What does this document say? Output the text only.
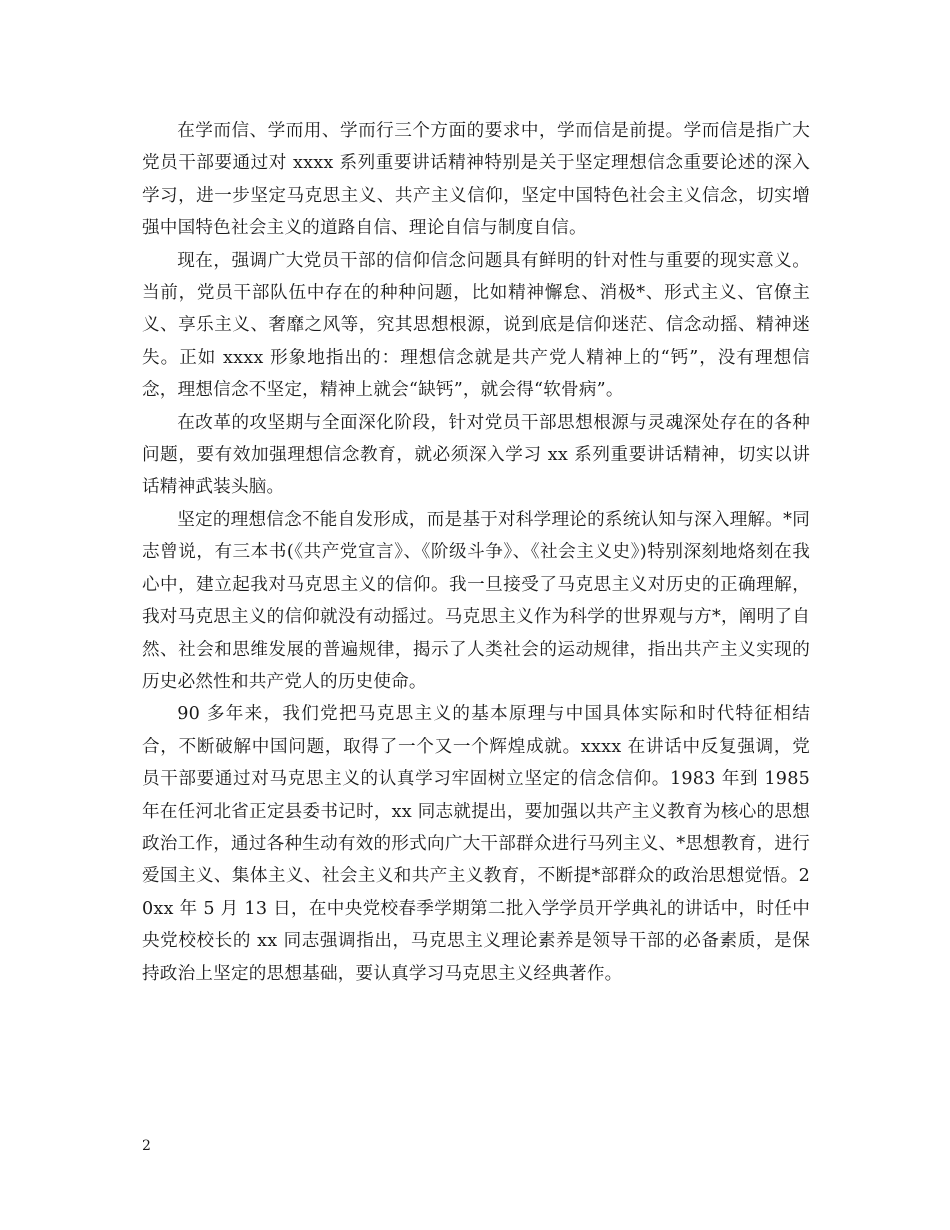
在学而信、学而用、学而行三个方面的要求中，学而信是前提。学而信是指广大党员干部要通过对 xxxx 系列重要讲话精神特别是关于坚定理想信念重要论述的深入学习，进一步坚定马克思主义、共产主义信仰，坚定中国特色社会主义信念，切实增强中国特色社会主义的道路自信、理论自信与制度自信。

现在，强调广大党员干部的信仰信念问题具有鲜明的针对性与重要的现实意义。当前，党员干部队伍中存在的种种问题，比如精神懈怠、消极*、形式主义、官僚主义、享乐主义、奢靡之风等，究其思想根源，说到底是信仰迷茫、信念动摇、精神迷失。正如 xxxx 形象地指出的：理想信念就是共产党人精神上的“钙”，没有理想信念，理想信念不坚定，精神上就会“缺钙”，就会得“软骨病”。

在改革的攻坚期与全面深化阶段，针对党员干部思想根源与灵魂深处存在的各种问题，要有效加强理想信念教育，就必须深入学习 xx 系列重要讲话精神，切实以讲话精神武装头脑。

坚定的理想信念不能自发形成，而是基于对科学理论的系统认知与深入理解。*同志曾说，有三本书(《共产党宣言》、《阶级斗争》、《社会主义史》)特别深刻地烙刻在我心中，建立起我对马克思主义的信仰。我一旦接受了马克思主义对历史的正确理解，我对马克思主义的信仰就没有动摇过。马克思主义作为科学的世界观与方*，阐明了自然、社会和思维发展的普遍规律，揭示了人类社会的运动规律，指出共产主义实现的历史必然性和共产党人的历史使命。

90 多年来，我们党把马克思主义的基本原理与中国具体实际和时代特征相结合，不断破解中国问题，取得了一个又一个辉煌成就。xxxx 在讲话中反复强调，党员干部要通过对马克思主义的认真学习牢固树立坚定的信念信仰。1983 年到 1985 年在任河北省正定县委书记时，xx 同志就提出，要加强以共产主义教育为核心的思想政治工作，通过各种生动有效的形式向广大干部群众进行马列主义、*思想教育，进行爱国主义、集体主义、社会主义和共产主义教育，不断提*部群众的政治思想觉悟。20xx 年 5 月 13 日，在中央党校春季学期第二批入学学员开学典礼的讲话中，时任中央党校校长的 xx 同志强调指出，马克思主义理论素养是领导干部的必备素质，是保持政治上坚定的思想基础，要认真学习马克思主义经典著作。

2
